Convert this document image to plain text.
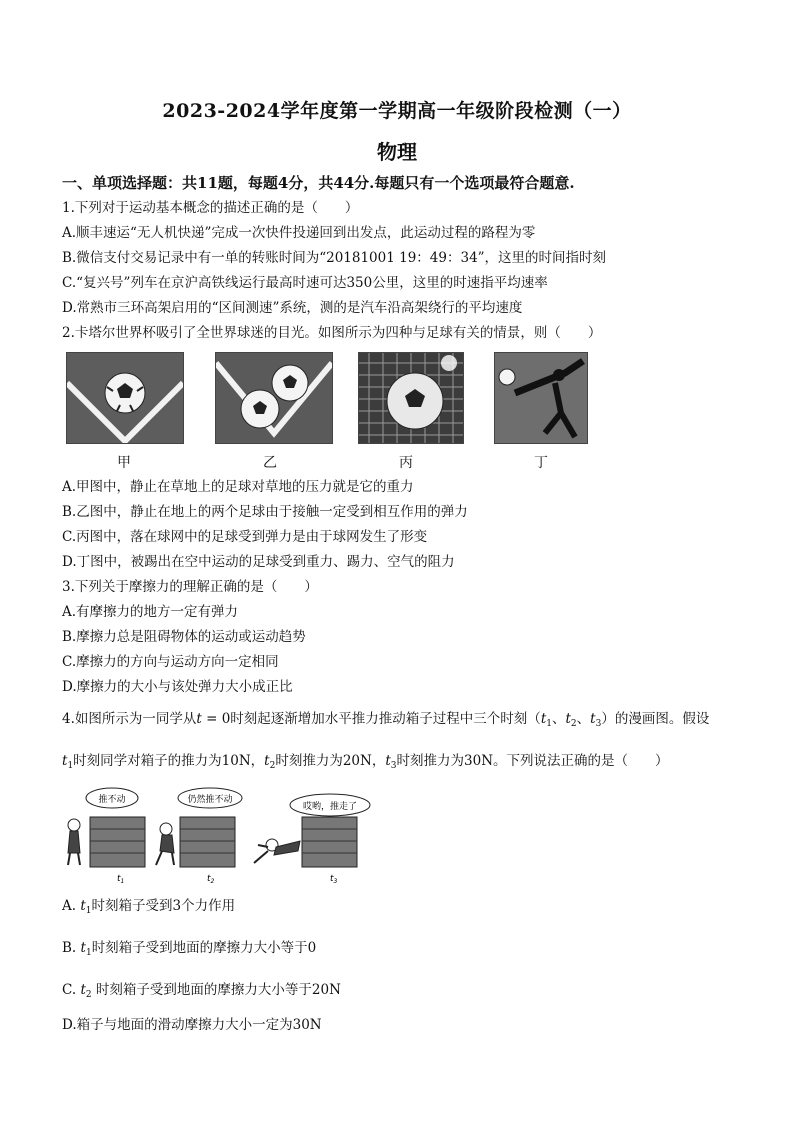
2023-2024学年度第一学期高一年级阶段检测（一）
物理
一、单项选择题：共11题，每题4分，共44分.每题只有一个选项最符合题意.
1.下列对于运动基本概念的描述正确的是（　　）
A.顺丰速运“无人机快递”完成一次快件投递回到出发点，此运动过程的路程为零
B.微信支付交易记录中有一单的转账时间为“20181001 19：49：34”，这里的时间指时刻
C.“复兴号”列车在京沪高铁线运行最高时速可达350公里，这里的时速指平均速率
D.常熟市三环高架启用的“区间测速”系统，测的是汽车沿高架绕行的平均速度
2.卡塔尔世界杯吸引了全世界球迷的目光。如图所示为四种与足球有关的情景，则（　　）
甲	乙	丙	丁
A.甲图中，静止在草地上的足球对草地的压力就是它的重力
B.乙图中，静止在地上的两个足球由于接触一定受到相互作用的弹力
C.丙图中，落在球网中的足球受到弹力是由于球网发生了形变
D.丁图中，被踢出在空中运动的足球受到重力、踢力、空气的阻力
3.下列关于摩擦力的理解正确的是（　　）
A.有摩擦力的地方一定有弹力
B.摩擦力总是阻碍物体的运动或运动趋势
C.摩擦力的方向与运动方向一定相同
D.摩擦力的大小与该处弹力大小成正比
4.如图所示为一同学从t = 0时刻起逐渐增加水平推力推动箱子过程中三个时刻（$t_1$、$t_2$、$t_3$）的漫画图。假设
$t_1$时刻同学对箱子的推力为10N，$t_2$时刻推力为20N，$t_3$时刻推力为30N。下列说法正确的是（　　）
推不动	仍然推不动
哎哟，推走了
$t_1$	$t_2$	$t_3$
A. $t_1$时刻箱子受到3个力作用
B. $t_1$时刻箱子受到地面的摩擦力大小等于0
C. $t_2$ 时刻箱子受到地面的摩擦力大小等于20N
D.箱子与地面的滑动摩擦力大小一定为30N
